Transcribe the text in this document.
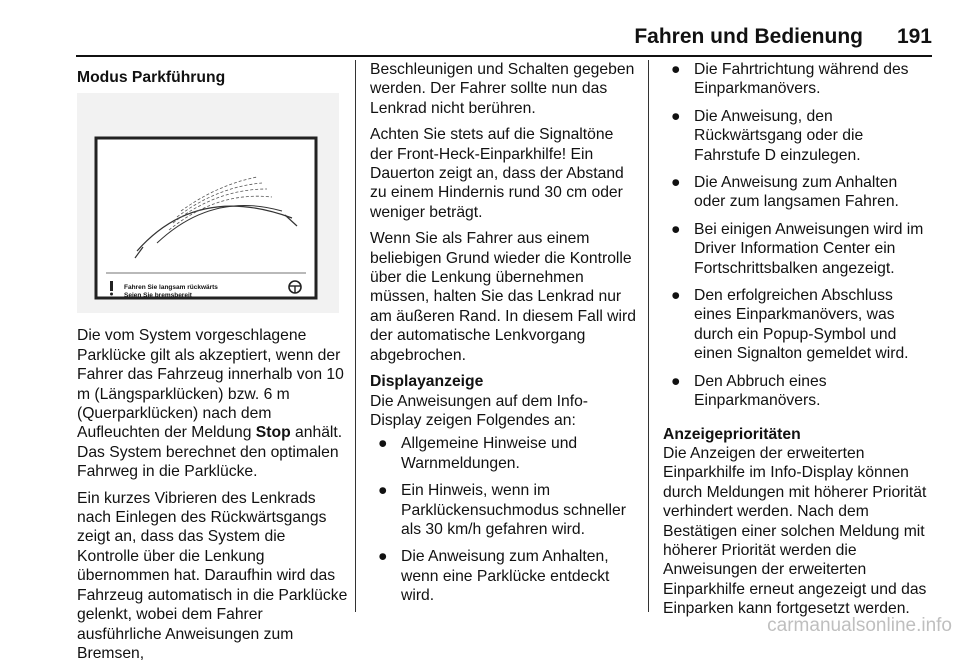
Fahren und Bedienung 191
Modus Parkführung
Fahren Sie langsam rückwärts
Seien Sie bremsbereit

Die vom System vorgeschlagene Parklücke gilt als akzeptiert, wenn der Fahrer das Fahrzeug innerhalb von 10 m (Längsparklücken) bzw. 6 m (Querparklücken) nach dem Aufleuchten der Meldung Stop anhält. Das System berechnet den optimalen Fahrweg in die Parklücke.

Ein kurzes Vibrieren des Lenkrads nach Einlegen des Rückwärtsgangs zeigt an, dass das System die Kontrolle über die Lenkung übernommen hat. Daraufhin wird das Fahrzeug automatisch in die Parklücke gelenkt, wobei dem Fahrer ausführliche Anweisungen zum Bremsen,

Beschleunigen und Schalten gegeben werden. Der Fahrer sollte nun das Lenkrad nicht berühren.

Achten Sie stets auf die Signaltöne der Front-Heck-Einparkhilfe! Ein Dauerton zeigt an, dass der Abstand zu einem Hindernis rund 30 cm oder weniger beträgt.

Wenn Sie als Fahrer aus einem beliebigen Grund wieder die Kontrolle über die Lenkung übernehmen müssen, halten Sie das Lenkrad nur am äußeren Rand. In diesem Fall wird der automatische Lenkvorgang abgebrochen.

Displayanzeige

Die Anweisungen auf dem Info-Display zeigen Folgendes an:

● Allgemeine Hinweise und Warnmeldungen.
● Ein Hinweis, wenn im Parklückensuchmodus schneller als 30 km/h gefahren wird.
● Die Anweisung zum Anhalten, wenn eine Parklücke entdeckt wird.
● Die Fahrtrichtung während des Einparkmanövers.
● Die Anweisung, den Rückwärtsgang oder die Fahrstufe D einzulegen.
● Die Anweisung zum Anhalten oder zum langsamen Fahren.
● Bei einigen Anweisungen wird im Driver Information Center ein Fortschrittsbalken angezeigt.
● Den erfolgreichen Abschluss eines Einparkmanövers, was durch ein Popup-Symbol und einen Signalton gemeldet wird.
● Den Abbruch eines Einparkmanövers.
Anzeigeprioritäten

Die Anzeigen der erweiterten Einparkhilfe im Info-Display können durch Meldungen mit höherer Priorität verhindert werden. Nach dem Bestätigen einer solchen Meldung mit höherer Priorität werden die Anweisungen der erweiterten Einparkhilfe erneut angezeigt und das Einparken kann fortgesetzt werden.

carmanualsonline.info
